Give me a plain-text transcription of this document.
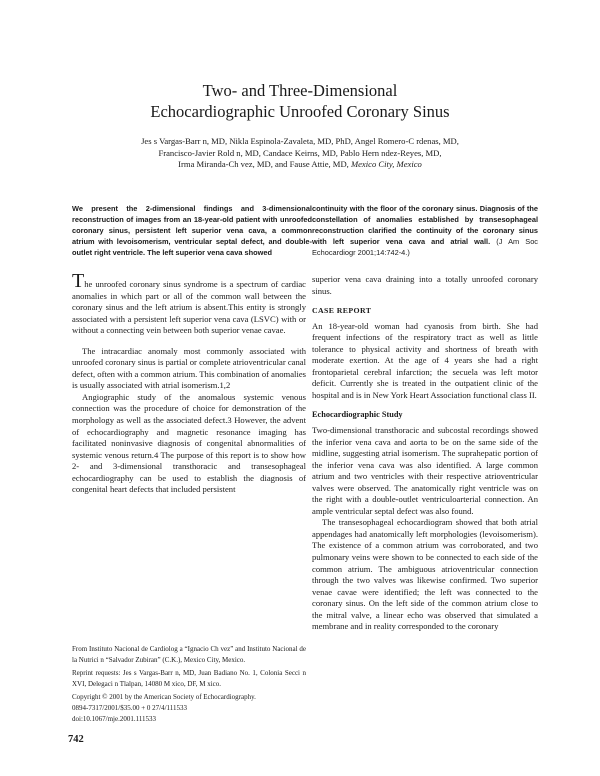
Two- and Three-Dimensional
Echocardiographic Unroofed Coronary Sinus
Jes s Vargas-Barr n, MD, Nikla Espinola-Zavaleta, MD, PhD, Angel Romero-C rdenas, MD,
Francisco-Javier Rold n, MD, Candace Keirns, MD, Pablo Hern ndez-Reyes, MD,
Irma Miranda-Ch vez, MD, and Fause Attie, MD, Mexico City, Mexico

We present the 2-dimensional findings and 3-dimensional reconstruction of images from an 18-year-old patient with unroofed coronary sinus, persistent left superior vena cava, a common atrium with levoisomerism, ventricular septal defect, and double-outlet right ventricle. The left superior vena cava showed

continuity with the floor of the coronary sinus. Diagnosis of the constellation of anomalies established by transesophageal reconstruction clarified the continuity of the coronary sinus with left superior vena cava and atrial wall. (J Am Soc Echocardiogr 2001;14:742-4.)

The unroofed coronary sinus syndrome is a spectrum of cardiac anomalies in which part or all of the common wall between the coronary sinus and the left atrium is absent.This entity is strongly associated with a persistent left superior vena cava (LSVC) with or without a connecting vein between both superior venae cavae.

The intracardiac anomaly most commonly associated with unroofed coronary sinus is partial or complete atrioventricular canal defect, often with a common atrium. This combination of anomalies is usually associated with atrial isomerism.1,2

Angiographic study of the anomalous systemic venous connection was the procedure of choice for demonstration of the morphology as well as the associated defect.3 However, the advent of echocardiography and magnetic resonance imaging has facilitated noninvasive diagnosis of congenital abnormalities of systemic venous return.4 The purpose of this report is to show how 2- and 3-dimensional transthoracic and transesophageal echocardiography can be used to establish the diagnosis of congenital heart defects that included persistent

superior vena cava draining into a totally unroofed coronary sinus.

CASE REPORT

An 18-year-old woman had cyanosis from birth. She had frequent infections of the respiratory tract as well as little tolerance to physical activity and shortness of breath with moderate exertion. At the age of 4 years she had a right frontoparietal cerebral infarction; the secuela was left motor deficit. Currently she is treated in the outpatient clinic of the hospital and is in New York Heart Association functional class II.

Echocardiographic Study

Two-dimensional transthoracic and subcostal recordings showed the inferior vena cava and aorta to be on the same side of the midline, suggesting atrial isomerism. The suprahepatic portion of the inferior vena cava was also identified. A large common atrium and two ventricles with their respective atrioventricular valves were observed. The anatomically right ventricle was on the right with a double-outlet ventriculoarterial connection. An ample ventricular septal defect was also found.

The transesophageal echocardiogram showed that both atrial appendages had anatomically left morphologies (levoisomerism). The existence of a common atrium was corroborated, and two pulmonary veins were shown to be connected to each side of the common atrium. The ambiguous atrioventricular connection through the two valves was likewise confirmed. Two superior venae cavae were identified; the left was connected to the coronary sinus. On the left side of the common atrium close to the mitral valve, a linear echo was observed that simulated a membrane and in reality corresponded to the coronary

From Instituto Nacional de Cardiolog a “Ignacio Ch vez” and Instituto Nacional de la Nutrici n “Salvador Zubiran” (C.K.), Mexico City, Mexico.

Reprint requests: Jes s Vargas-Barr n, MD, Juan Badiano No. 1, Colonia Secci n XVI, Delegaci n Tlalpan, 14080 M xico, DF, M xico.

Copyright © 2001 by the American Society of Echocardiography.

0894-7317/2001/$35.00 + 0 27/4/111533

doi:10.1067/mje.2001.111533

742
